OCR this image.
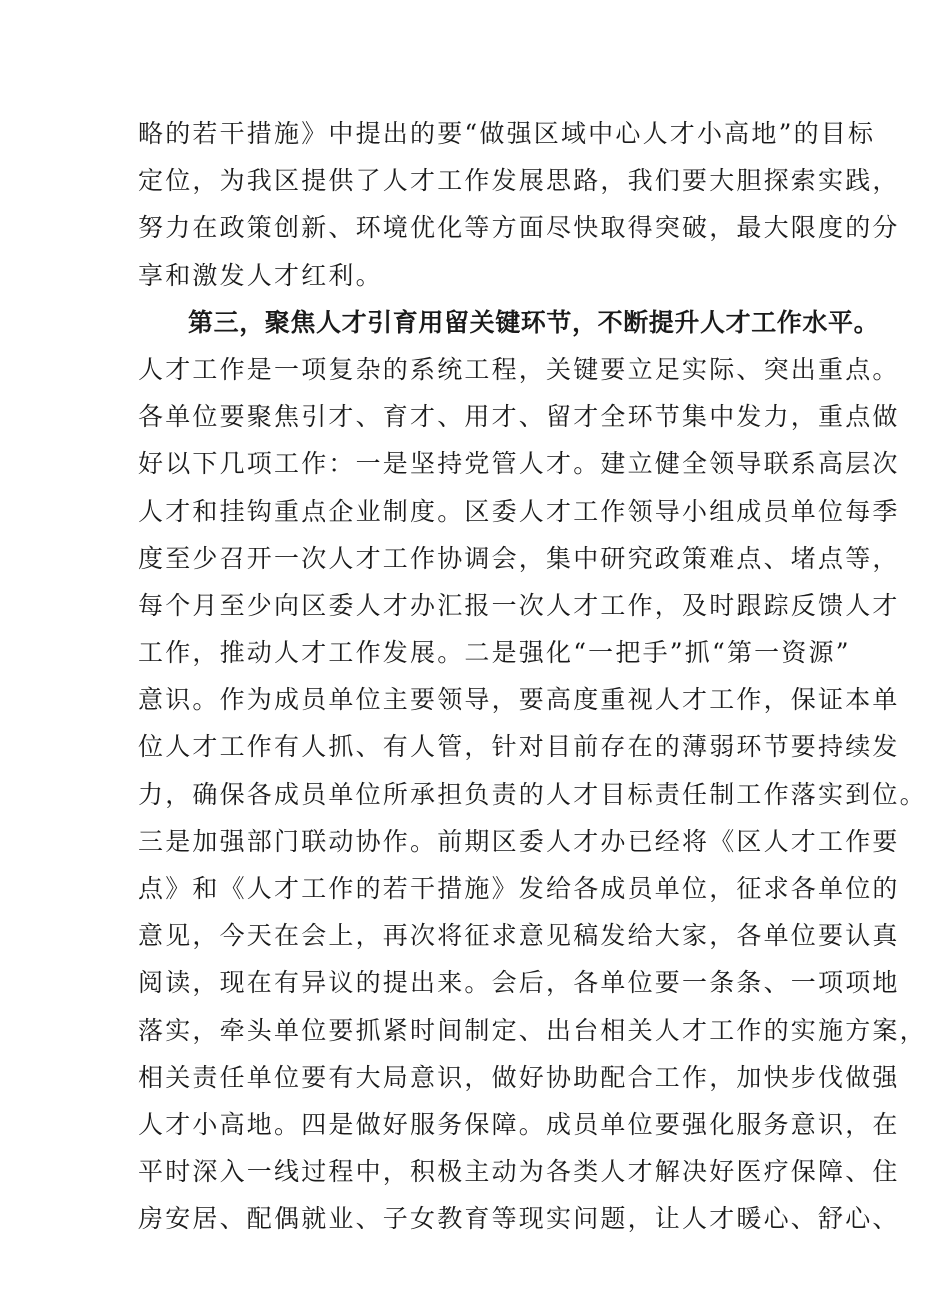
略的若干措施》中提出的要“做强区域中心人才小高地”的目标
定位，为我区提供了人才工作发展思路，我们要大胆探索实践，
努力在政策创新、环境优化等方面尽快取得突破，最大限度的分
享和激发人才红利。
第三，聚焦人才引育用留关键环节，不断提升人才工作水平。
人才工作是一项复杂的系统工程，关键要立足实际、突出重点。
各单位要聚焦引才、育才、用才、留才全环节集中发力，重点做
好以下几项工作：一是坚持党管人才。建立健全领导联系高层次
人才和挂钩重点企业制度。区委人才工作领导小组成员单位每季
度至少召开一次人才工作协调会，集中研究政策难点、堵点等，
每个月至少向区委人才办汇报一次人才工作，及时跟踪反馈人才
工作，推动人才工作发展。二是强化“一把手”抓“第一资源”
意识。作为成员单位主要领导，要高度重视人才工作，保证本单
位人才工作有人抓、有人管，针对目前存在的薄弱环节要持续发
力，确保各成员单位所承担负责的人才目标责任制工作落实到位。
三是加强部门联动协作。前期区委人才办已经将《区人才工作要
点》和《人才工作的若干措施》发给各成员单位，征求各单位的
意见，今天在会上，再次将征求意见稿发给大家，各单位要认真
阅读，现在有异议的提出来。会后，各单位要一条条、一项项地
落实，牵头单位要抓紧时间制定、出台相关人才工作的实施方案，
相关责任单位要有大局意识，做好协助配合工作，加快步伐做强
人才小高地。四是做好服务保障。成员单位要强化服务意识，在
平时深入一线过程中，积极主动为各类人才解决好医疗保障、住
房安居、配偶就业、子女教育等现实问题，让人才暖心、舒心、
